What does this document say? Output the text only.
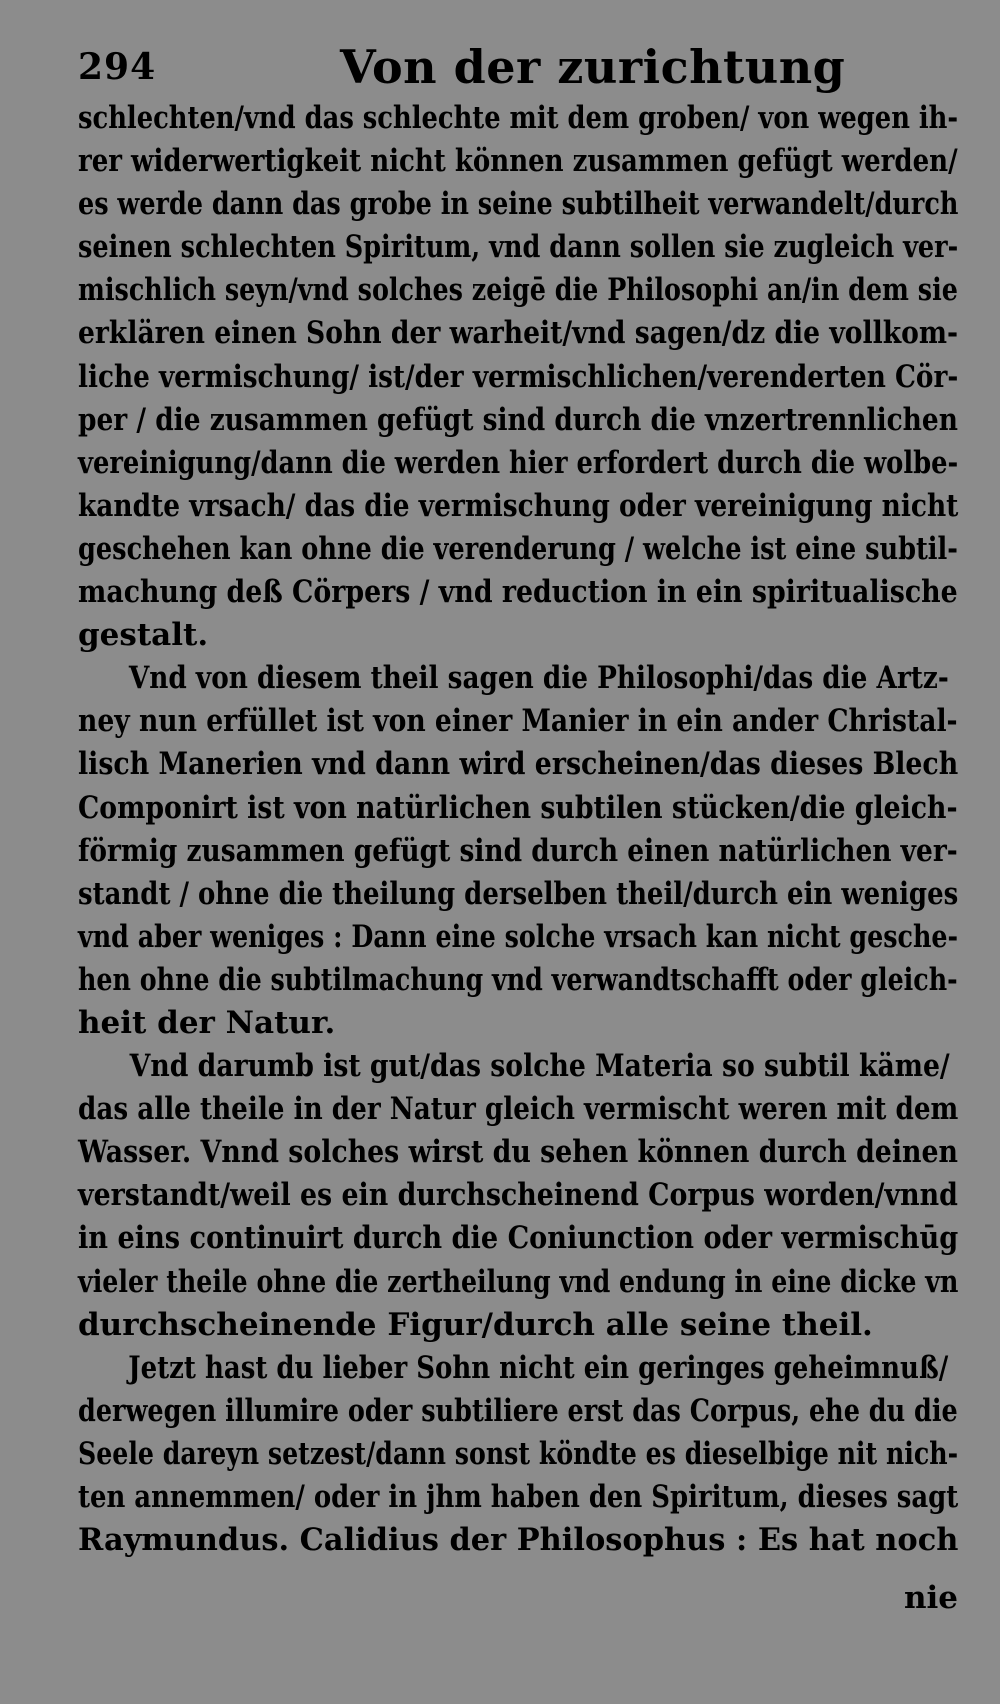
294	Von der zurichtung
schlechten/vnd das schlechte mit dem groben/ von wegen ih-
rer widerwertigkeit nicht können zusammen gefügt werden/
es werde dann das grobe in seine subtilheit verwandelt/durch
seinen schlechten Spiritum, vnd dann sollen sie zugleich ver-
mischlich seyn/vnd solches zeigē die Philosophi an/in dem sie
erklären einen Sohn der warheit/vnd sagen/dz die vollkom-
liche vermischung/ ist/der vermischlichen/verenderten Cör-
per / die zusammen gefügt sind durch die vnzertrennlichen
vereinigung/dann die werden hier erfordert durch die wolbe-
kandte vrsach/ das die vermischung oder vereinigung nicht
geschehen kan ohne die verenderung / welche ist eine subtil-
machung deß Cörpers / vnd reduction in ein spiritualische
gestalt.
Vnd von diesem theil sagen die Philosophi/das die Artz-
ney nun erfüllet ist von einer Manier in ein ander Christal-
lisch Manerien vnd dann wird erscheinen/das dieses Blech
Componirt ist von natürlichen subtilen stücken/die gleich-
förmig zusammen gefügt sind durch einen natürlichen ver-
standt / ohne die theilung derselben theil/durch ein weniges
vnd aber weniges : Dann eine solche vrsach kan nicht gesche-
hen ohne die subtilmachung vnd verwandtschafft oder gleich-
heit der Natur.
Vnd darumb ist gut/das solche Materia so subtil käme/
das alle theile in der Natur gleich vermischt weren mit dem
Wasser. Vnnd solches wirst du sehen können durch deinen
verstandt/weil es ein durchscheinend Corpus worden/vnnd
in eins continuirt durch die Coniunction oder vermischūg
vieler theile ohne die zertheilung vnd endung in eine dicke vn
durchscheinende Figur/durch alle seine theil.
Jetzt hast du lieber Sohn nicht ein geringes geheimnuß/
derwegen illumire oder subtiliere erst das Corpus, ehe du die
Seele dareyn setzest/dann sonst köndte es dieselbige nit nich-
ten annemmen/ oder in jhm haben den Spiritum, dieses sagt
Raymundus. Calidius der Philosophus : Es hat noch
nie
